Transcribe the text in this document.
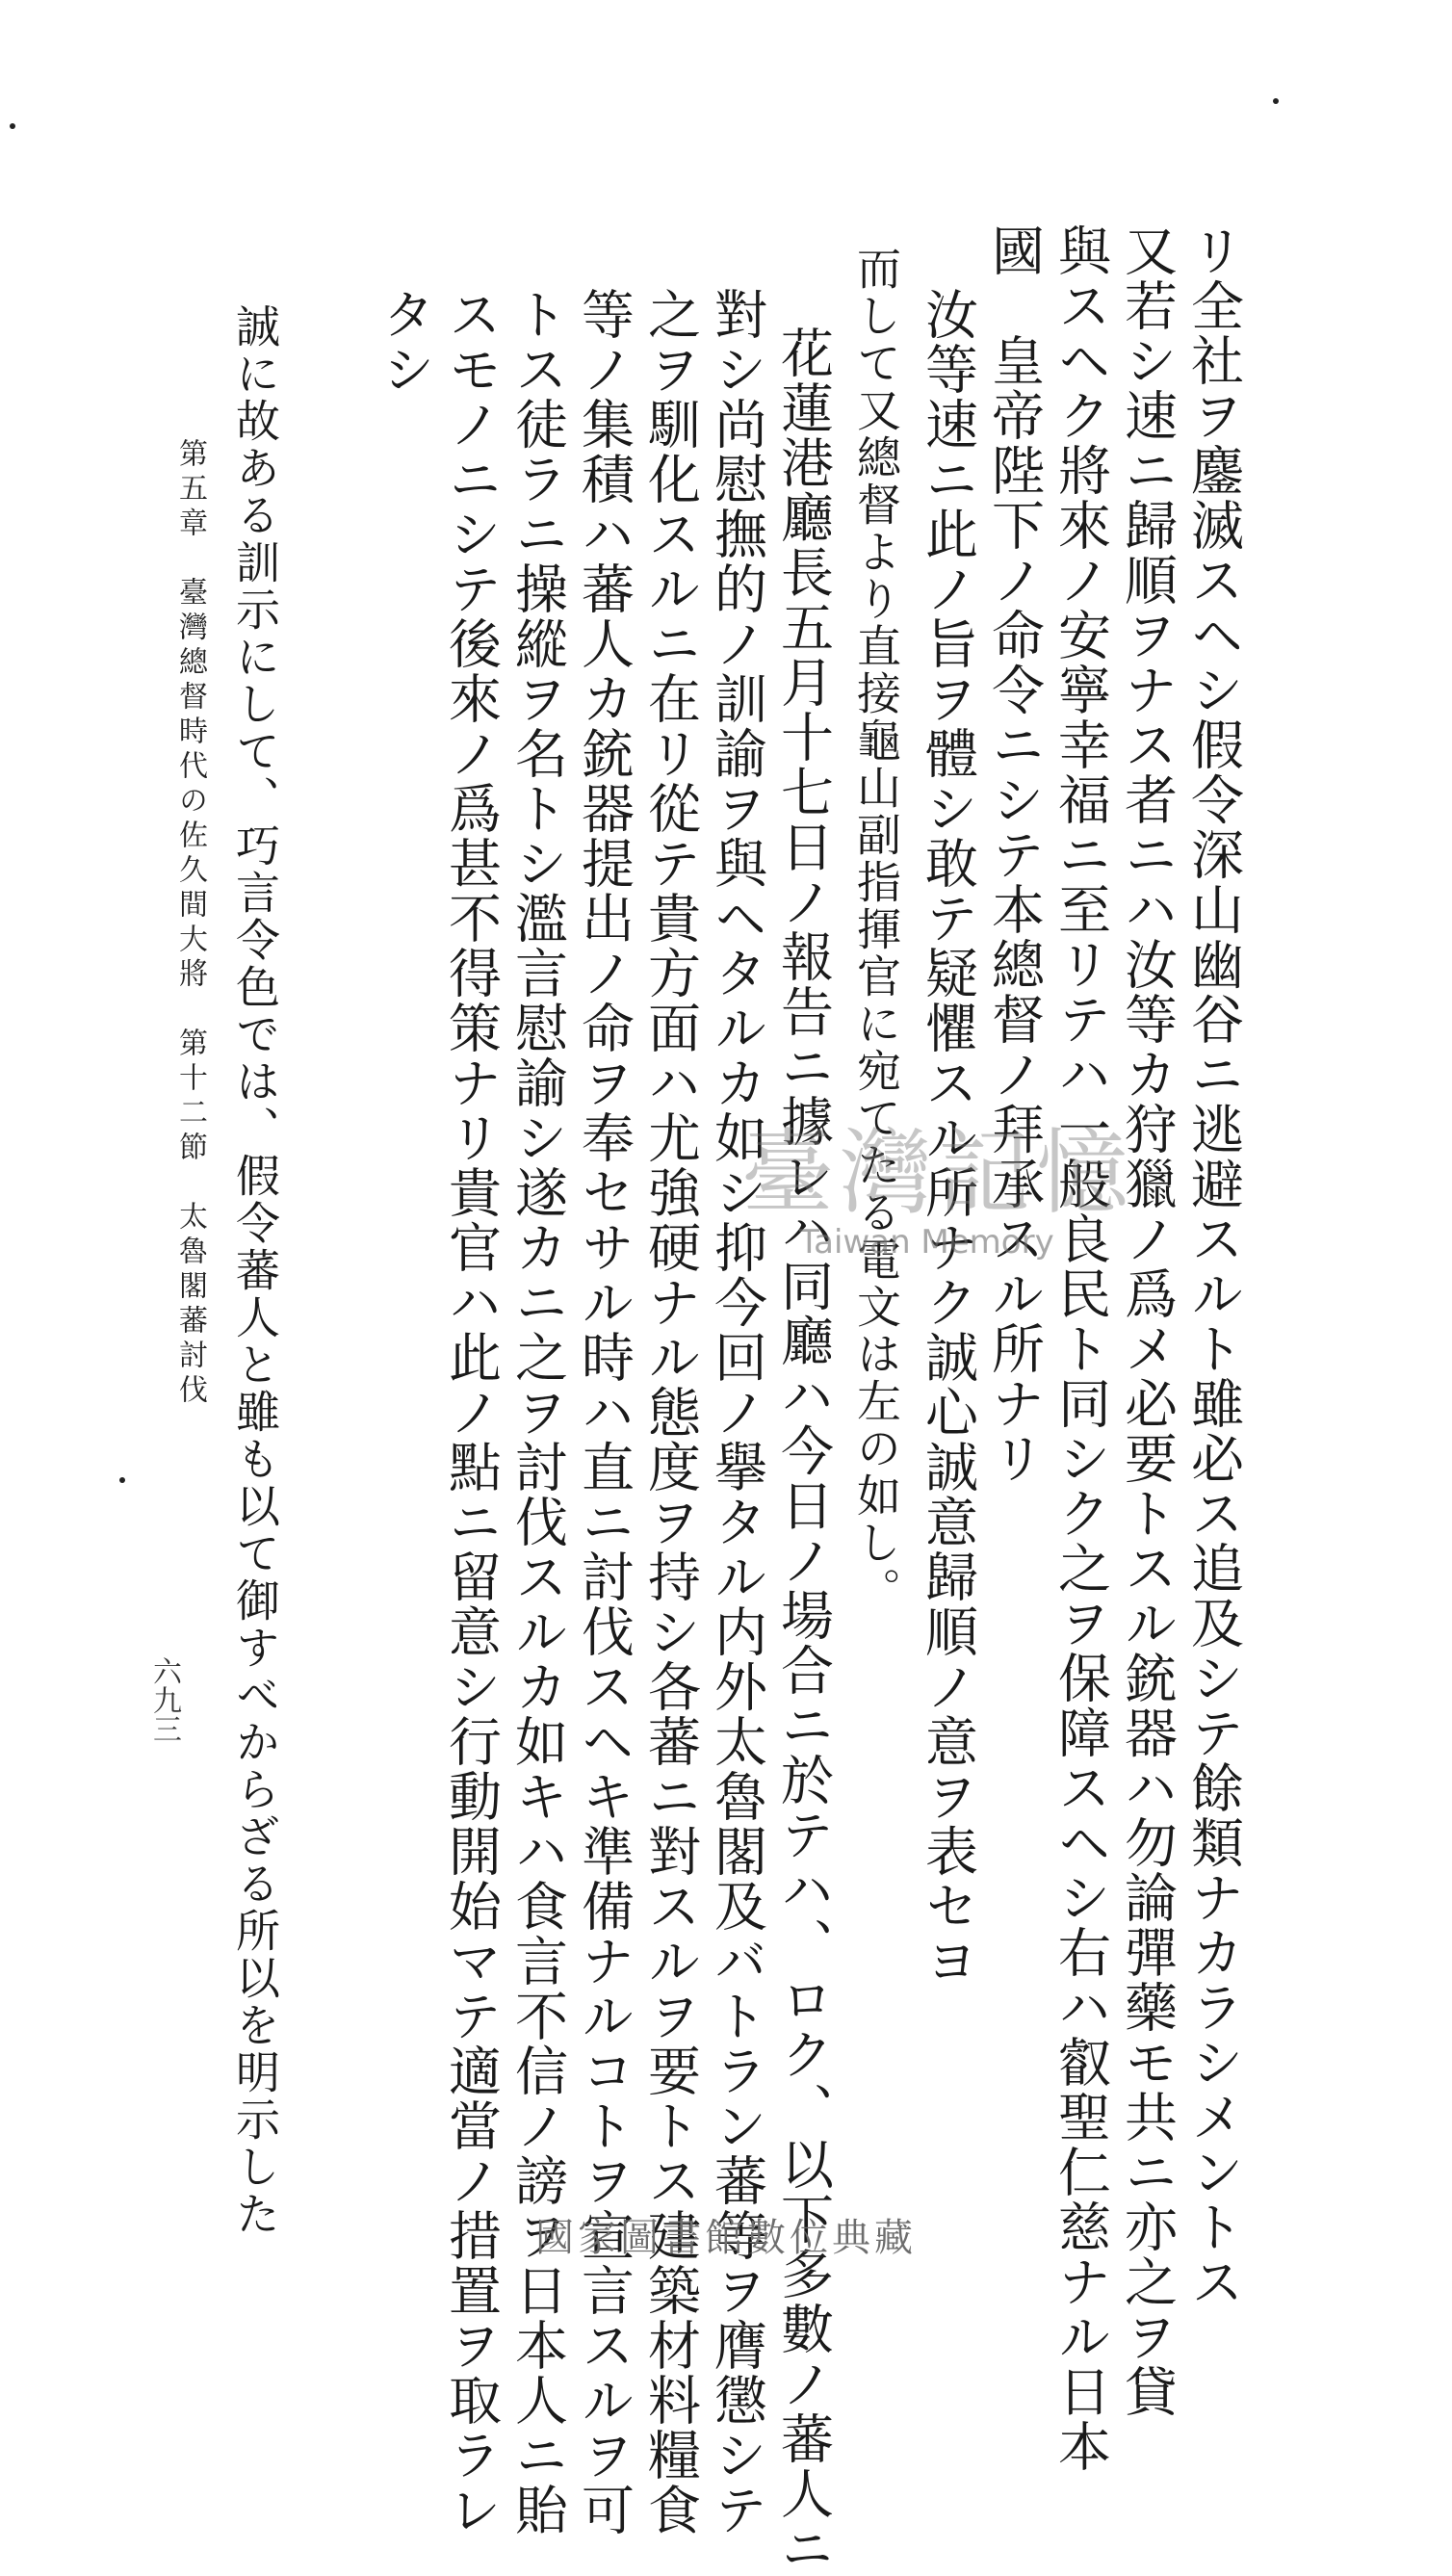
リ全社ヲ鏖滅スヘシ假令深山幽谷ニ逃避スルト雖必ス追及シテ餘類ナカラシメントス
又若シ速ニ歸順ヲナス者ニハ汝等カ狩獵ノ爲メ必要トスル銃器ハ勿論彈藥モ共ニ亦之ヲ貸
與スヘク將來ノ安寧幸福ニ至リテハ一般良民ト同シク之ヲ保障スヘシ右ハ叡聖仁慈ナル日本
國　皇帝陛下ノ命令ニシテ本總督ノ拜承スル所ナリ
汝等速ニ此ノ旨ヲ體シ敢テ疑懼スル所ナク誠心誠意歸順ノ意ヲ表セヨ
而して又總督より直接龜山副指揮官に宛てたる電文は左の如し。
花蓮港廳長五月十七日ノ報告ニ據レハ同廳ハ今日ノ場合ニ於テハ、ロク、以下多數ノ蕃人ニ
對シ尚慰撫的ノ訓諭ヲ與ヘタルカ如シ抑今回ノ擧タル内外太魯閣及バトラン蕃等ヲ膺懲シテ
之ヲ馴化スルニ在リ從テ貴方面ハ尤強硬ナル態度ヲ持シ各蕃ニ對スルヲ要トス建築材料糧食
等ノ集積ハ蕃人カ銃器提出ノ命ヲ奉セサル時ハ直ニ討伐スヘキ準備ナルコトヲ宣言スルヲ可
トス徒ラニ操縱ヲ名トシ濫言慰諭シ遂カニ之ヲ討伐スルカ如キハ食言不信ノ謗ヲ日本人ニ貽
スモノニシテ後來ノ爲甚不得策ナリ貴官ハ此ノ點ニ留意シ行動開始マテ適當ノ措置ヲ取ラレ
タシ
誠に故ある訓示にして、巧言令色では、假令蕃人と雖も以て御すべからざる所以を明示した
第五章　臺灣總督時代の佐久間大將　第十二節　太魯閣蕃討伐
六九三
臺灣記憶
Taiwan Memory
國家圖書館數位典藏
